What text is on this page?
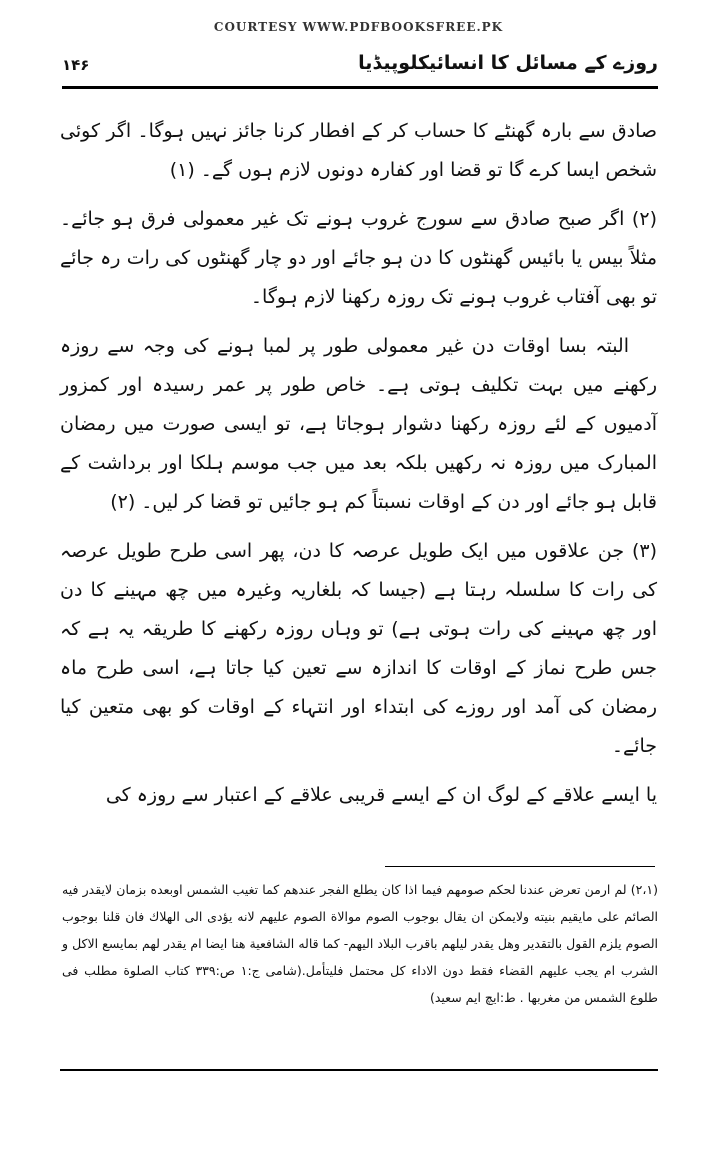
COURTESY WWW.PDFBOOKSFREE.PK
روزے کے مسائل کا انسائیکلوپیڈیا
۱۴۶

صادق سے بارہ گھنٹے کا حساب کر کے افطار کرنا جائز نہیں ہوگا۔ اگر کوئی شخص ایسا کرے گا تو قضا اور کفارہ دونوں لازم ہوں گے۔ (۱)

(۲) اگر صبح صادق سے سورج غروب ہونے تک غیر معمولی فرق ہو جائے۔ مثلاً بیس یا بائیس گھنٹوں کا دن ہو جائے اور دو چار گھنٹوں کی رات رہ جائے تو بھی آفتاب غروب ہونے تک روزہ رکھنا لازم ہوگا۔

البتہ بسا اوقات دن غیر معمولی طور پر لمبا ہونے کی وجہ سے روزہ رکھنے میں بہت تکلیف ہوتی ہے۔ خاص طور پر عمر رسیدہ اور کمزور آدمیوں کے لئے روزہ رکھنا دشوار ہوجاتا ہے، تو ایسی صورت میں رمضان المبارک میں روزہ نہ رکھیں بلکہ بعد میں جب موسم ہلکا اور برداشت کے قابل ہو جائے اور دن کے اوقات نسبتاً کم ہو جائیں تو قضا کر لیں۔ (۲)

(۳) جن علاقوں میں ایک طویل عرصہ کا دن، پھر اسی طرح طویل عرصہ کی رات کا سلسلہ رہتا ہے (جیسا کہ بلغاریہ وغیرہ میں چھ مہینے کا دن اور چھ مہینے کی رات ہوتی ہے) تو وہاں روزہ رکھنے کا طریقہ یہ ہے کہ جس طرح نماز کے اوقات کا اندازہ سے تعین کیا جاتا ہے، اسی طرح ماہ رمضان کی آمد اور روزے کی ابتداء اور انتہاء کے اوقات کو بھی متعین کیا جائے۔

یا ایسے علاقے کے لوگ ان کے ایسے قریبی علاقے کے اعتبار سے روزہ کی

(۲،۱) لم ارمن تعرض عندنا لحكم صومهم فيما اذا كان يطلع الفجر عندهم كما تغيب الشمس اوبعده بزمان لايقدر فيه الصائم على مايقيم بنيته ولايمكن ان يقال بوجوب الصوم موالاة الصوم عليهم لانه يؤدى الى الهلاك فان قلنا بوجوب الصوم يلزم القول بالتقدير وهل يقدر ليلهم باقرب البلاد اليهم- كما قاله الشافعية هنا ايضا ام يقدر لهم بمايسع الاكل و الشرب ام يجب عليهم القضاء فقط دون الاداء كل محتمل فليتأمل.(شامی ج:۱ ص:۳۳۹ كتاب الصلوة مطلب فی طلوع الشمس من مغربها . ط:ایچ ایم سعید)
